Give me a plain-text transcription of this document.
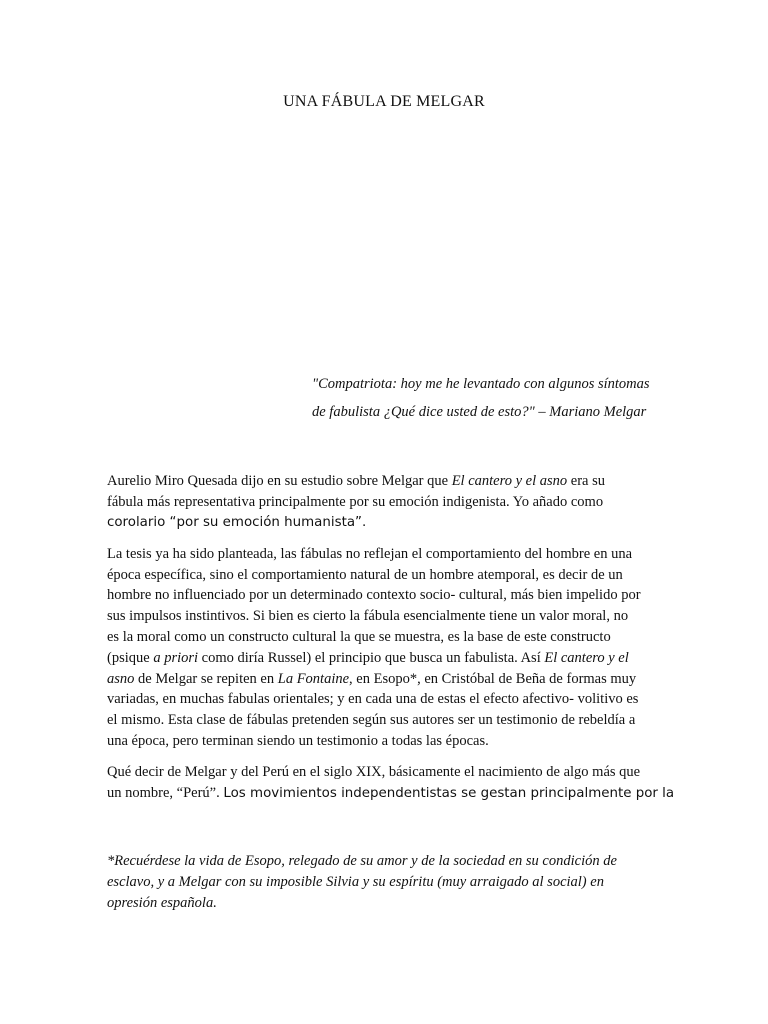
UNA FÁBULA DE MELGAR
"Compatriota: hoy me he levantado con algunos síntomas
de fabulista ¿Qué dice usted de esto?" – Mariano Melgar

Aurelio Miro Quesada dijo en su estudio sobre Melgar que El cantero y el asno era su
fábula más representativa principalmente por su emoción indigenista. Yo añado como
corolario “por su emoción humanista”.

La tesis ya ha sido planteada, las fábulas no reflejan el comportamiento del hombre en una
época específica, sino el comportamiento natural de un hombre atemporal, es decir de un
hombre no influenciado por un determinado contexto socio- cultural, más bien impelido por
sus impulsos instintivos. Si bien es cierto la fábula esencialmente tiene un valor moral, no
es la moral como un constructo cultural la que se muestra, es la base de este constructo
(psique a priori como diría Russel) el principio que busca un fabulista. Así El cantero y el
asno de Melgar se repiten en La Fontaine, en Esopo*, en Cristóbal de Beña de formas muy
variadas, en muchas fabulas orientales; y en cada una de estas el efecto afectivo- volitivo es
el mismo. Esta clase de fábulas pretenden según sus autores ser un testimonio de rebeldía a
una época, pero terminan siendo un testimonio a todas las épocas.

Qué decir de Melgar y del Perú en el siglo XIX, básicamente el nacimiento de algo más que
un nombre, “Perú”. Los movimientos independentistas se gestan principalmente por la

*Recuérdese la vida de Esopo, relegado de su amor y de la sociedad en su condición de
esclavo, y a Melgar con su imposible Silvia y su espíritu (muy arraigado al social) en
opresión española.
